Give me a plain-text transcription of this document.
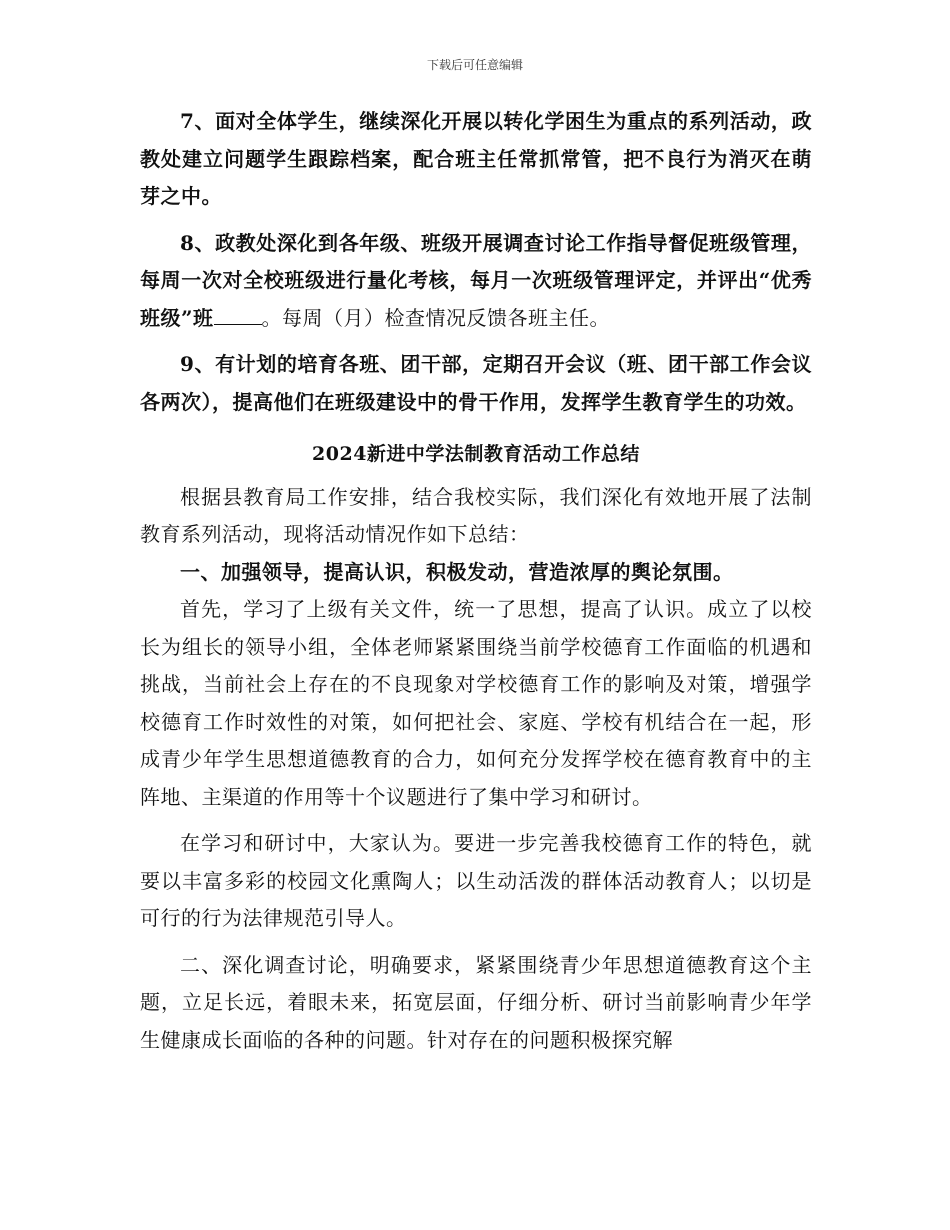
下载后可任意编辑

7、面对全体学生，继续深化开展以转化学困生为重点的系列活动，政教处建立问题学生跟踪档案，配合班主任常抓常管，把不良行为消灭在萌芽之中。

8、政教处深化到各年级、班级开展调查讨论工作指导督促班级管理，每周一次对全校班级进行量化考核，每月一次班级管理评定，并评出“优秀班级”班 。每周（月）检查情况反馈各班主任。

9、有计划的培育各班、团干部，定期召开会议（班、团干部工作会议各两次），提高他们在班级建设中的骨干作用，发挥学生教育学生的功效。

2024新进中学法制教育活动工作总结

根据县教育局工作安排，结合我校实际，我们深化有效地开展了法制教育系列活动，现将活动情况作如下总结：

一、加强领导，提高认识，积极发动，营造浓厚的舆论氛围。

首先，学习了上级有关文件，统一了思想，提高了认识。成立了以校长为组长的领导小组，全体老师紧紧围绕当前学校德育工作面临的机遇和挑战，当前社会上存在的不良现象对学校德育工作的影响及对策，增强学校德育工作时效性的对策，如何把社会、家庭、学校有机结合在一起，形成青少年学生思想道德教育的合力，如何充分发挥学校在德育教育中的主阵地、主渠道的作用等十个议题进行了集中学习和研讨。

在学习和研讨中，大家认为。要进一步完善我校德育工作的特色，就要以丰富多彩的校园文化熏陶人；以生动活泼的群体活动教育人；以切是可行的行为法律规范引导人。

二、深化调查讨论，明确要求，紧紧围绕青少年思想道德教育这个主题，立足长远，着眼未来，拓宽层面，仔细分析、研讨当前影响青少年学生健康成长面临的各种的问题。针对存在的问题积极探究解
